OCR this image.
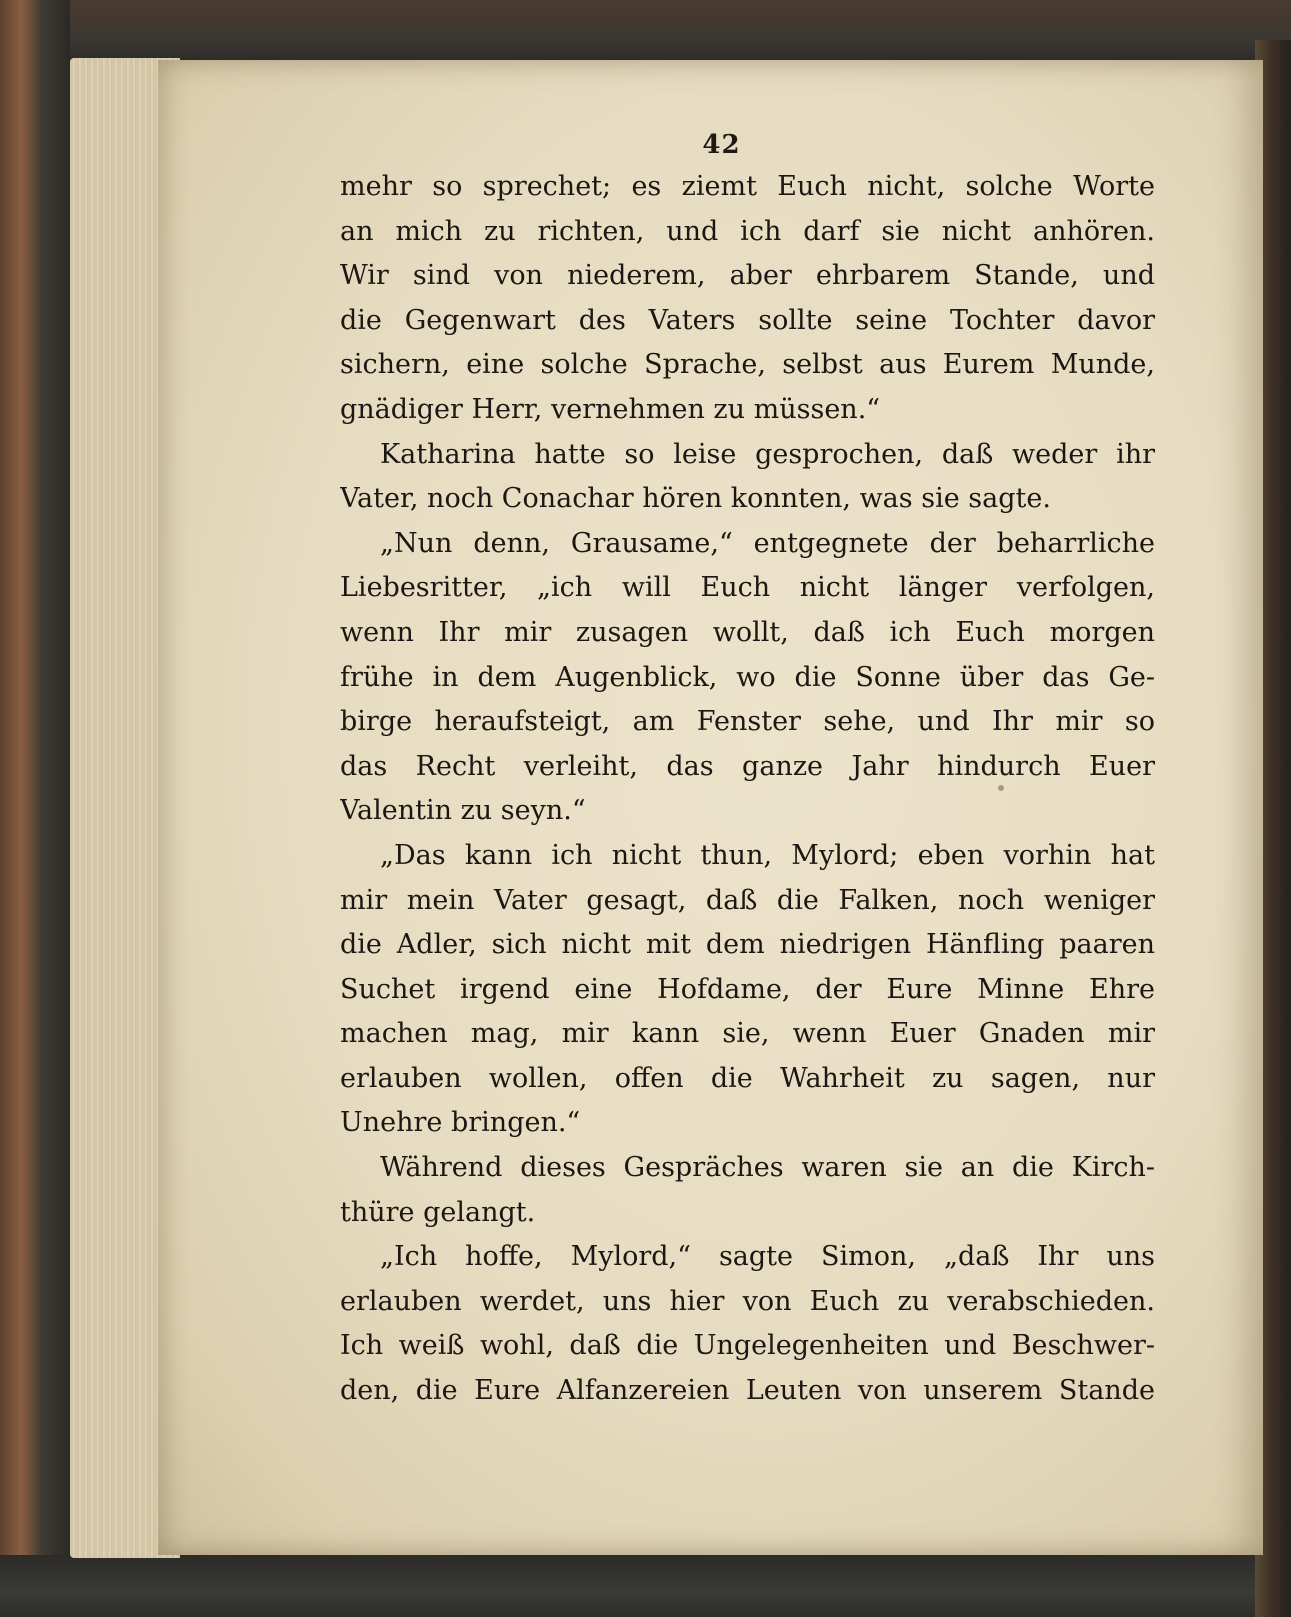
42
mehr so sprechet; es ziemt Euch nicht, solche Worte
an mich zu richten, und ich darf sie nicht anhören.
Wir sind von niederem, aber ehrbarem Stande, und
die Gegenwart des Vaters sollte seine Tochter davor
sichern, eine solche Sprache, selbst aus Eurem Munde,
gnädiger Herr, vernehmen zu müssen.“
Katharina hatte so leise gesprochen, daß weder ihr
Vater, noch Conachar hören konnten, was sie sagte.
„Nun denn, Grausame,“ entgegnete der beharrliche
Liebesritter, „ich will Euch nicht länger verfolgen,
wenn Ihr mir zusagen wollt, daß ich Euch morgen
frühe in dem Augenblick, wo die Sonne über das Ge-
birge heraufsteigt, am Fenster sehe, und Ihr mir so
das Recht verleiht, das ganze Jahr hindurch Euer
Valentin zu seyn.“
„Das kann ich nicht thun, Mylord; eben vorhin hat
mir mein Vater gesagt, daß die Falken, noch weniger
die Adler, sich nicht mit dem niedrigen Hänfling paaren
Suchet irgend eine Hofdame, der Eure Minne Ehre
machen mag, mir kann sie, wenn Euer Gnaden mir
erlauben wollen, offen die Wahrheit zu sagen, nur
Unehre bringen.“
Während dieses Gespräches waren sie an die Kirch-
thüre gelangt.
„Ich hoffe, Mylord,“ sagte Simon, „daß Ihr uns
erlauben werdet, uns hier von Euch zu verabschieden.
Ich weiß wohl, daß die Ungelegenheiten und Beschwer-
den, die Eure Alfanzereien Leuten von unserem Stande
